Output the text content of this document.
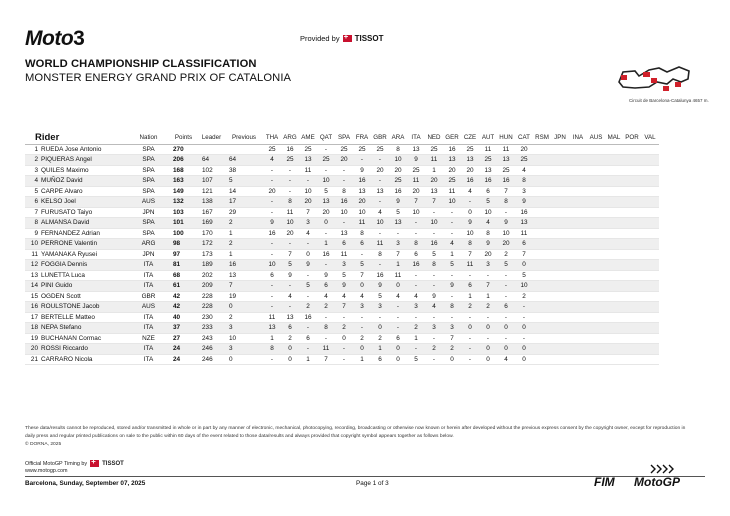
Moto 3	Provided by + TISSOT
WORLD CHAMPIONSHIP CLASSIFICATION
MONSTER ENERGY GRAND PRIX OF CATALONIA
Circuit de Barcelona-Catalunya 4657 m.
Rider	Nation	Points	Leader	Previous	THA	ARG	AME	QAT	SPA	FRA	GBR	ARA	ITA	NED	GER	CZE	AUT	HUN	CAT	RSM	JPN	INA	AUS	MAL	POR	VAL
1 RUEDA Jose Antonio	SPA	270			25	16	25	-	25	25	25	8	13	25	16	25	11	11	20							
2 PIQUERAS Angel	SPA	206	64	64	4	25	13	25	20	-	-	10	9	11	13	13	25	13	25							
3 QUILES Maximo	SPA	168	102	38	-	-	11	-	-	9	20	20	25	1	20	20	13	25	4							
4 MUÑOZ David	SPA	163	107	5	-	-	-	10	-	16	-	25	11	20	25	16	16	16	8							
5 CARPE Alvaro	SPA	149	121	14	20	-	10	5	8	13	13	16	20	13	11	4	6	7	3							
6 KELSO Joel	AUS	132	138	17	-	8	20	13	16	20	-	9	7	7	10	-	5	8	9							
7 FURUSATO Taiyo	JPN	103	167	29	-	11	7	20	10	10	4	5	10	-	-	0	10	-	16							
8 ALMANSA David	SPA	101	169	2	9	10	3	0	-	11	10	13	-	10	-	9	4	9	13							
9 FERNANDEZ Adrian	SPA	100	170	1	16	20	4	-	13	8	-	-	-	-	-	10	8	10	11							
10 PERRONE Valentin	ARG	98	172	2	-	-	-	1	6	6	11	3	8	16	4	8	9	20	6							
11 YAMANAKA Ryusei	JPN	97	173	1	-	7	0	16	11	-	8	7	6	5	1	7	20	2	7							
12 FOGGIA Dennis	ITA	81	189	16	10	5	9	-	3	5	-	1	16	8	5	11	3	5	0							
13 LUNETTA Luca	ITA	68	202	13	6	9	-	9	5	7	16	11	-	-	-	-	-	-	5							
14 PINI Guido	ITA	61	209	7	-	-	5	6	9	0	9	0	-	-	9	6	7	-	10							
15 OGDEN Scott	GBR	42	228	19	-	4	-	4	4	4	5	4	4	9	-	1	1	-	2							
16 ROULSTONE Jacob	AUS	42	228	0	-	-	2	2	7	3	3	-	3	4	8	2	2	6	-							
17 BERTELLE Matteo	ITA	40	230	2	11	13	16	-	-	-	-	-	-	-	-	-	-	-	-							
18 NEPA Stefano	ITA	37	233	3	13	6	-	8	2	-	0	-	2	3	3	0	0	0	0							
19 BUCHANAN Cormac	NZE	27	243	10	1	2	6	-	0	2	2	6	1	-	7	-	-	-	-							
20 ROSSI Riccardo	ITA	24	246	3	8	0	-	11	-	0	1	0	-	2	2	-	0	0	0							
21 CARRARO Nicola	ITA	24	246	0	-	0	1	7	-	1	6	0	5	-	0	-	0	4	0							
These data/results cannot be reproduced, stored and/or transmitted in whole or in part by any manner of electronic, mechanical, photocopying, recording, broadcasting or otherwise now known or herein after developed without the previous express consent by the copyright owner, except for reproduction in daily press and regular printed publications on sale to the public within 60 days of the event related to those data/results and always provided that copyright symbol appears together as follows below.
© DORNA, 2025
Official MotoGP Timing by +	TISSOT
www.motogp.com
Barcelona, Sunday, September 07, 2025	Page 1 of 3	FIM MotoGP
